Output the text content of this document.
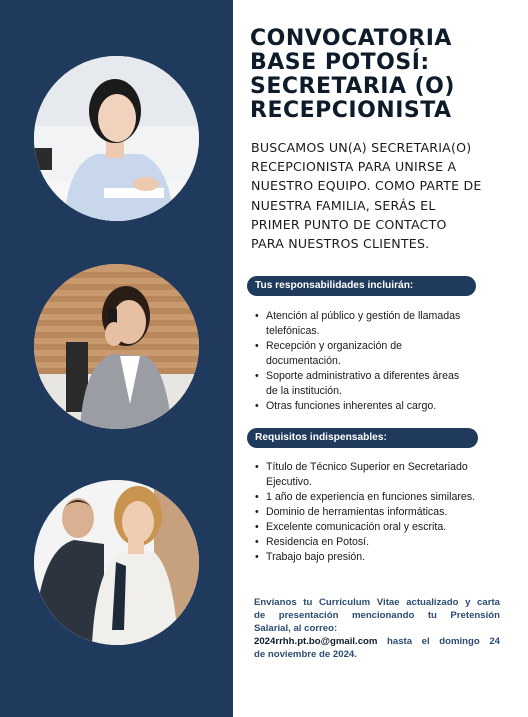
CONVOCATORIA
BASE POTOSÍ:
SECRETARIA (O)
RECEPCIONISTA

BUSCAMOS UN(A) SECRETARIA(O)
RECEPCIONISTA PARA UNIRSE A
NUESTRO EQUIPO. COMO PARTE DE
NUESTRA FAMILIA, SERÁS EL
PRIMER PUNTO DE CONTACTO
PARA NUESTROS CLIENTES.

Tus responsabilidades incluirán:
• Atención al público y gestión de llamadas
telefónicas.
• Recepción y organización de
documentación.
• Soporte administrativo a diferentes áreas
de la institución.
• Otras funciones inherentes al cargo.
Requisitos indispensables:
• Título de Técnico Superior en Secretariado
Ejecutivo.
• 1 año de experiencia en funciones similares.
• Dominio de herramientas informáticas.
• Excelente comunicación oral y escrita.
• Residencia en Potosí.
• Trabajo bajo presión.

Envíanos tu Currículum Vitae actualizado y carta
de presentación mencionando tu Pretensión
Salarial, al correo:
2024rrhh.pt.bo@gmail.com hasta el domingo 24
de noviembre de 2024.
